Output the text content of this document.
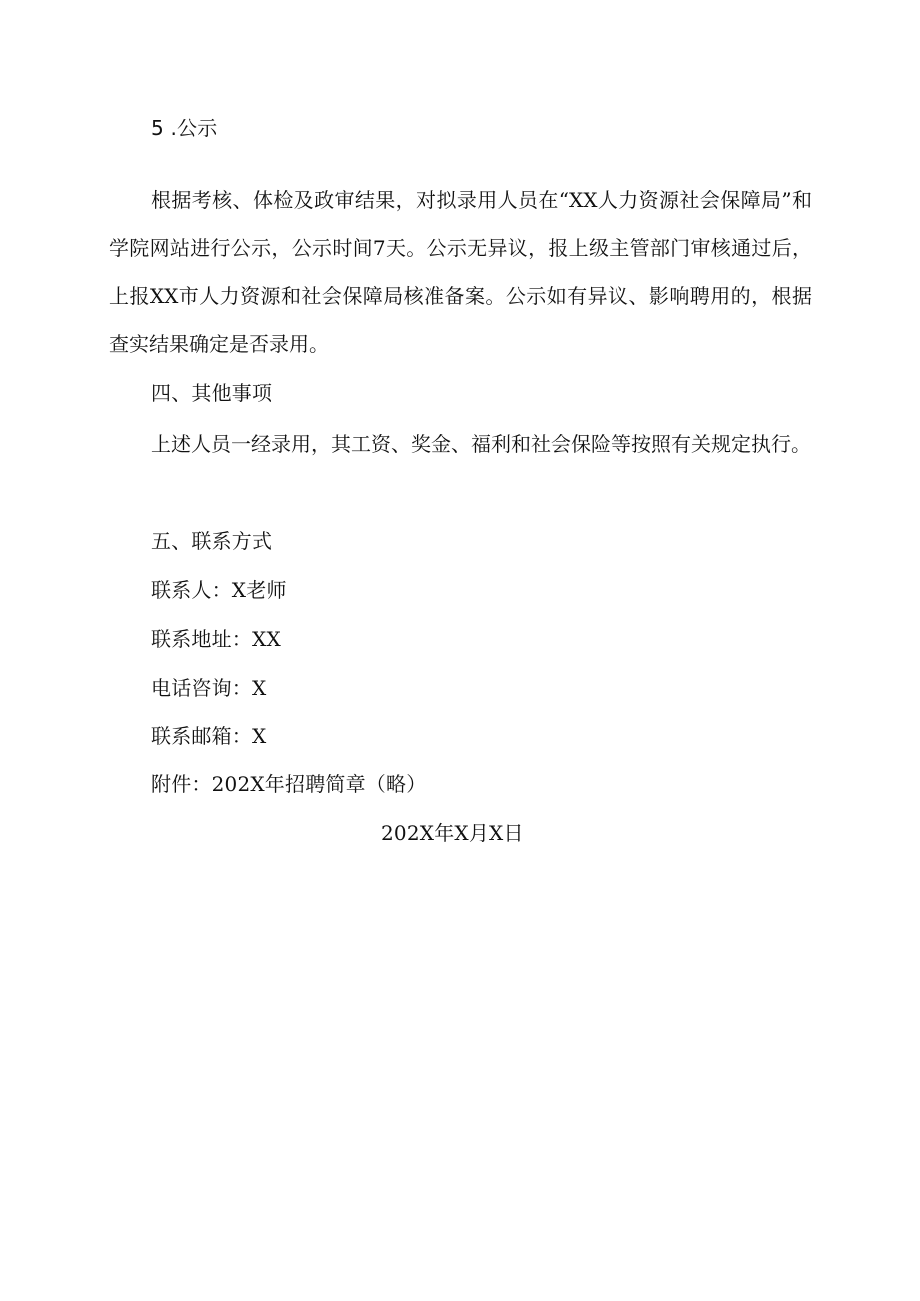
5 .公示
根据考核、体检及政审结果，对拟录用人员在“XX人力资源社会保障局”和学院网站进行公示，公示时间7天。公示无异议，报上级主管部门审核通过后，上报XX市人力资源和社会保障局核准备案。公示如有异议、影响聘用的，根据查实结果确定是否录用。
四、其他事项
上述人员一经录用，其工资、奖金、福利和社会保险等按照有关规定执行。
五、联系方式
联系人：X老师
联系地址：XX
电话咨询：X
联系邮箱：X
附件：202X年招聘简章（略）
202X年X月X日
